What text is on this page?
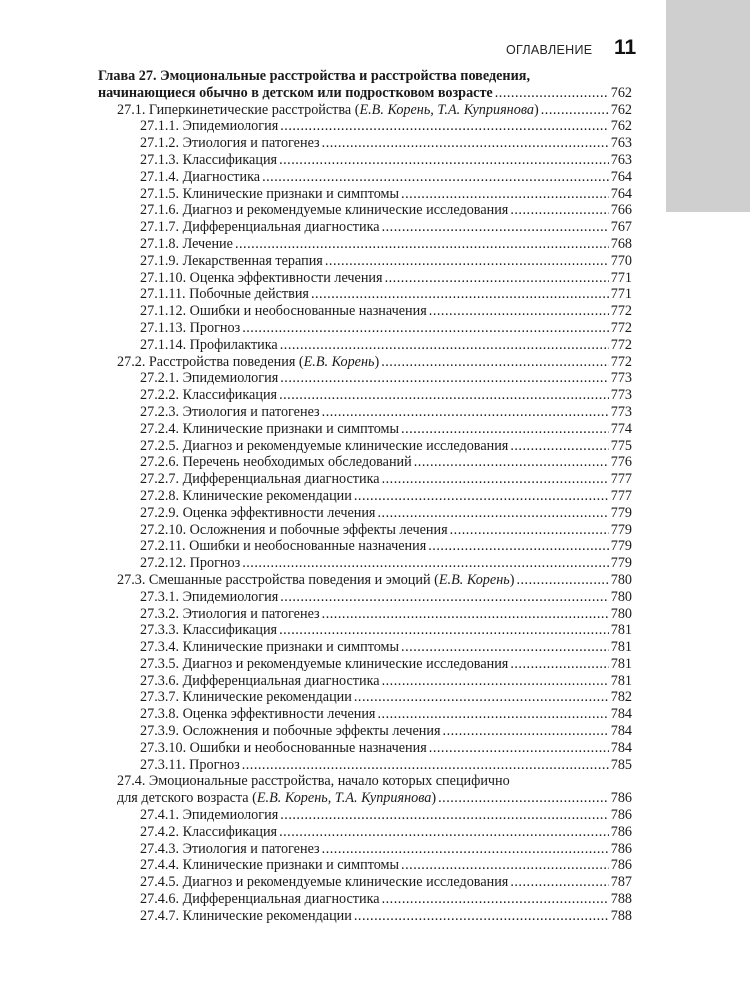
ОГЛАВЛЕНИЕ 11
Глава 27. Эмоциональные расстройства и расстройства поведения,
начинающиеся обычно в детском или подростковом возрасте .....	762
27.1. Гиперкинетические расстройства (Е.В. Корень, Т.А. Куприянова) .....	762
27.1.1. Эпидемиология .....	762
27.1.2. Этиология и патогенез .....	763
27.1.3. Классификация .....	763
27.1.4. Диагностика .....	764
27.1.5. Клинические признаки и симптомы .....	764
27.1.6. Диагноз и рекомендуемые клинические исследования .....	766
27.1.7. Дифференциальная диагностика .....	767
27.1.8. Лечение .....	768
27.1.9. Лекарственная терапия .....	770
27.1.10. Оценка эффективности лечения .....	771
27.1.11. Побочные действия .....	771
27.1.12. Ошибки и необоснованные назначения .....	772
27.1.13. Прогноз .....	772
27.1.14. Профилактика .....	772
27.2. Расстройства поведения (Е.В. Корень) .....	772
27.2.1. Эпидемиология .....	773
27.2.2. Классификация .....	773
27.2.3. Этиология и патогенез .....	773
27.2.4. Клинические признаки и симптомы .....	774
27.2.5. Диагноз и рекомендуемые клинические исследования .....	775
27.2.6. Перечень необходимых обследований .....	776
27.2.7. Дифференциальная диагностика .....	777
27.2.8. Клинические рекомендации .....	777
27.2.9. Оценка эффективности лечения .....	779
27.2.10. Осложнения и побочные эффекты лечения .....	779
27.2.11. Ошибки и необоснованные назначения .....	779
27.2.12. Прогноз .....	779
27.3. Смешанные расстройства поведения и эмоций (Е.В. Корень) .....	780
27.3.1. Эпидемиология .....	780
27.3.2. Этиология и патогенез .....	780
27.3.3. Классификация .....	781
27.3.4. Клинические признаки и симптомы .....	781
27.3.5. Диагноз и рекомендуемые клинические исследования .....	781
27.3.6. Дифференциальная диагностика .....	781
27.3.7. Клинические рекомендации .....	782
27.3.8. Оценка эффективности лечения .....	784
27.3.9. Осложнения и побочные эффекты лечения .....	784
27.3.10. Ошибки и необоснованные назначения .....	784
27.3.11. Прогноз .....	785
27.4. Эмоциональные расстройства, начало которых специфично
для детского возраста (Е.В. Корень, Т.А. Куприянова) .....	786
27.4.1. Эпидемиология .....	786
27.4.2. Классификация .....	786
27.4.3. Этиология и патогенез .....	786
27.4.4. Клинические признаки и симптомы .....	786
27.4.5. Диагноз и рекомендуемые клинические исследования .....	787
27.4.6. Дифференциальная диагностика .....	788
27.4.7. Клинические рекомендации .....	788
